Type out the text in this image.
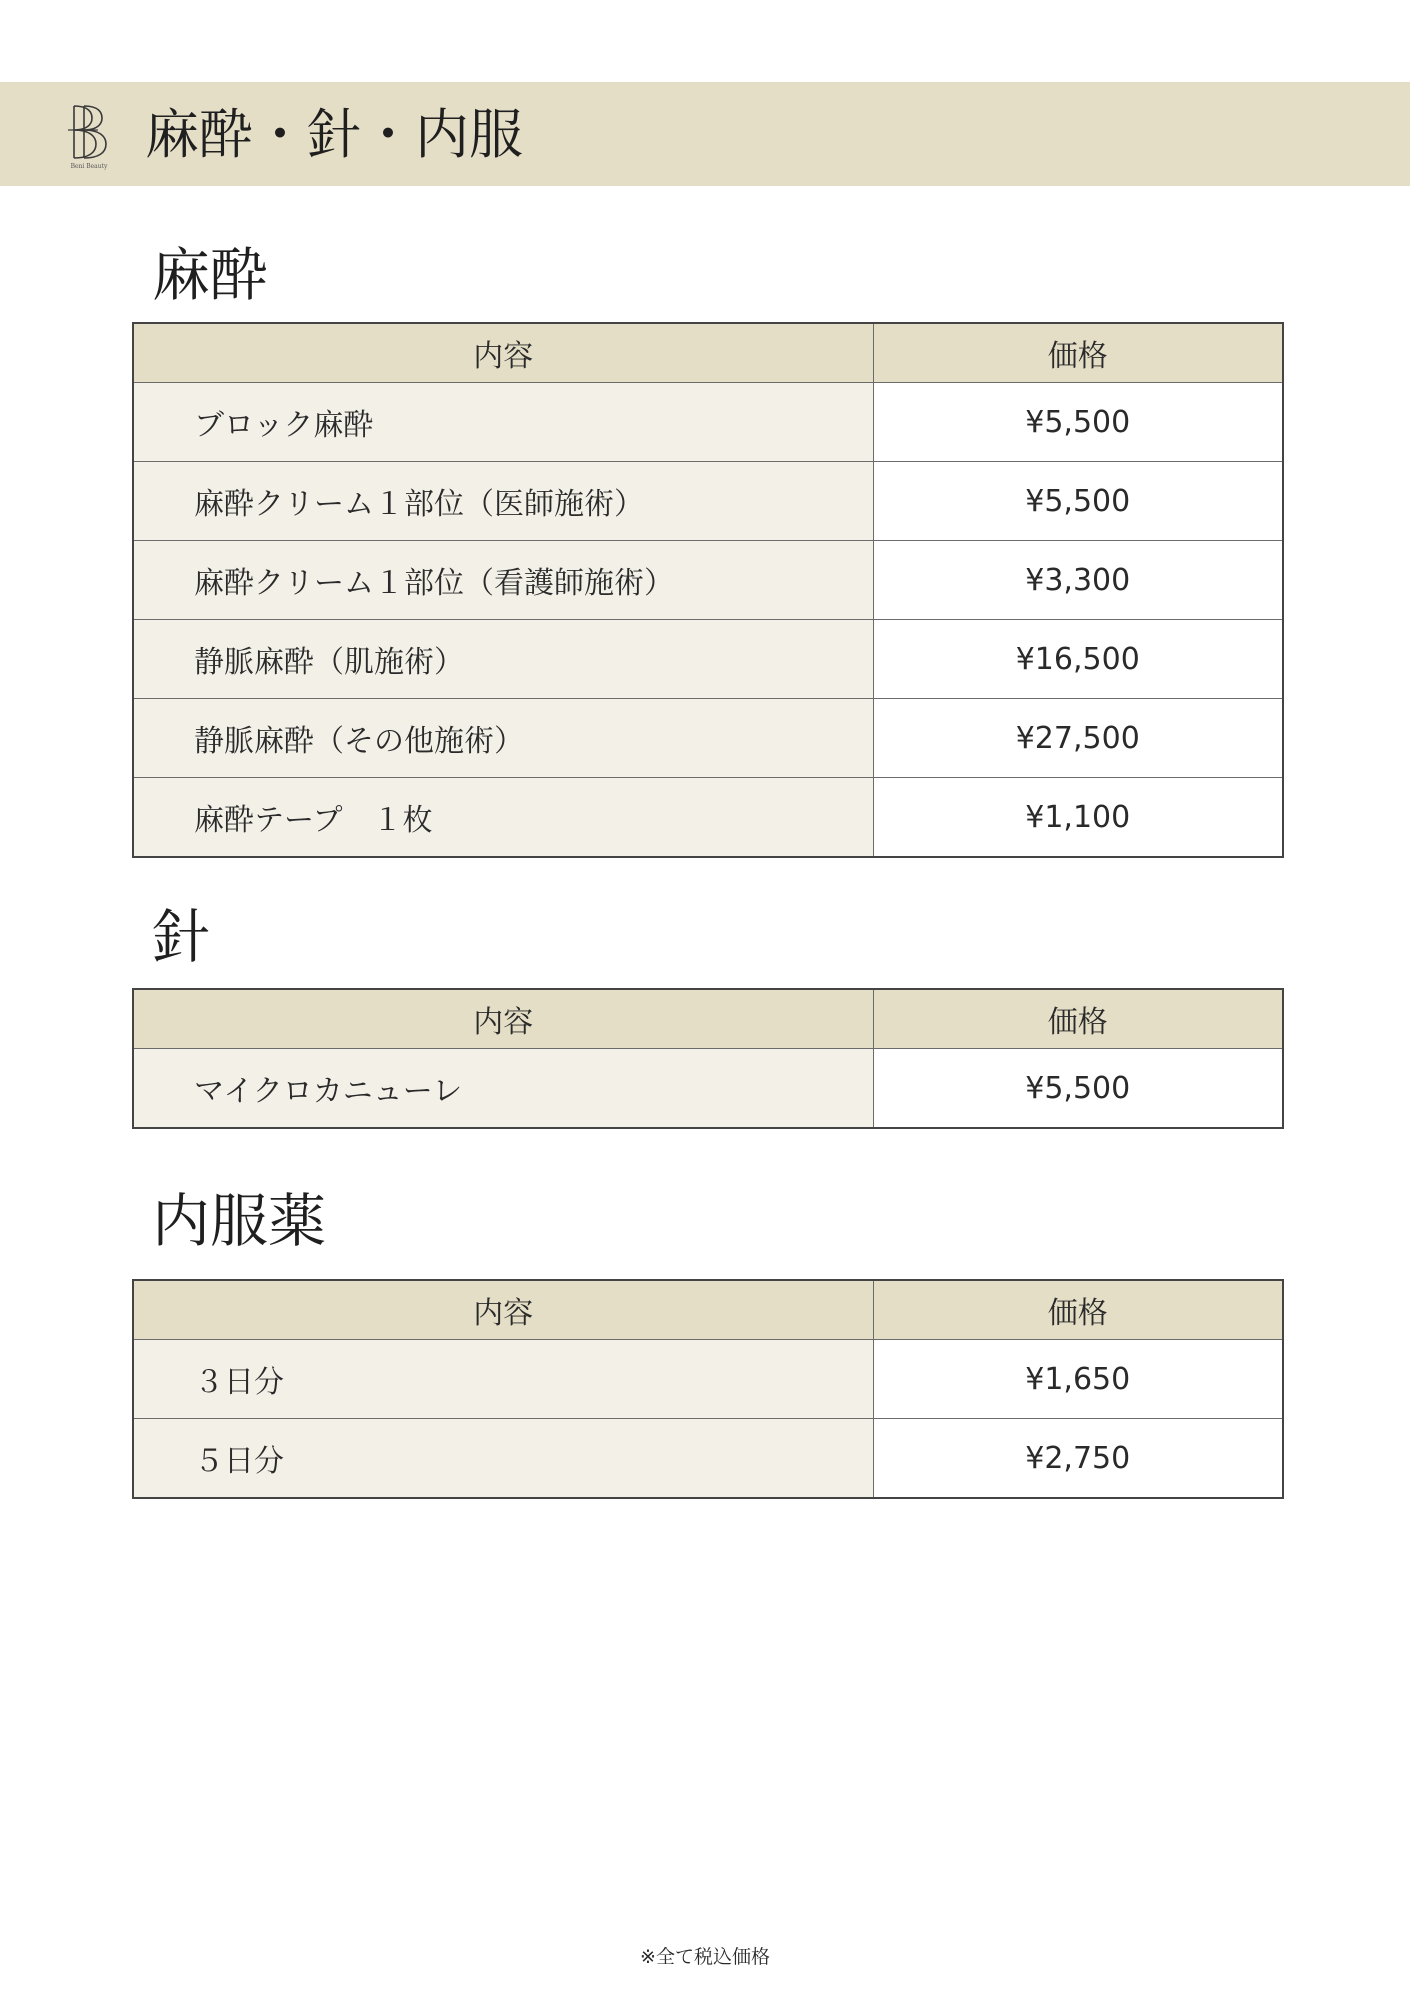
Beni Beauty
麻酔・針・内服
麻酔
内容	価格
ブロック麻酔	¥5,500
麻酔クリーム１部位（医師施術）	¥5,500
麻酔クリーム１部位（看護師施術）	¥3,300
静脈麻酔（肌施術）	¥16,500
静脈麻酔（その他施術）	¥27,500
麻酔テープ　１枚	¥1,100
針
内容	価格
マイクロカニューレ	¥5,500
内服薬
内容	価格
３日分	¥1,650
５日分	¥2,750
※全て税込価格
